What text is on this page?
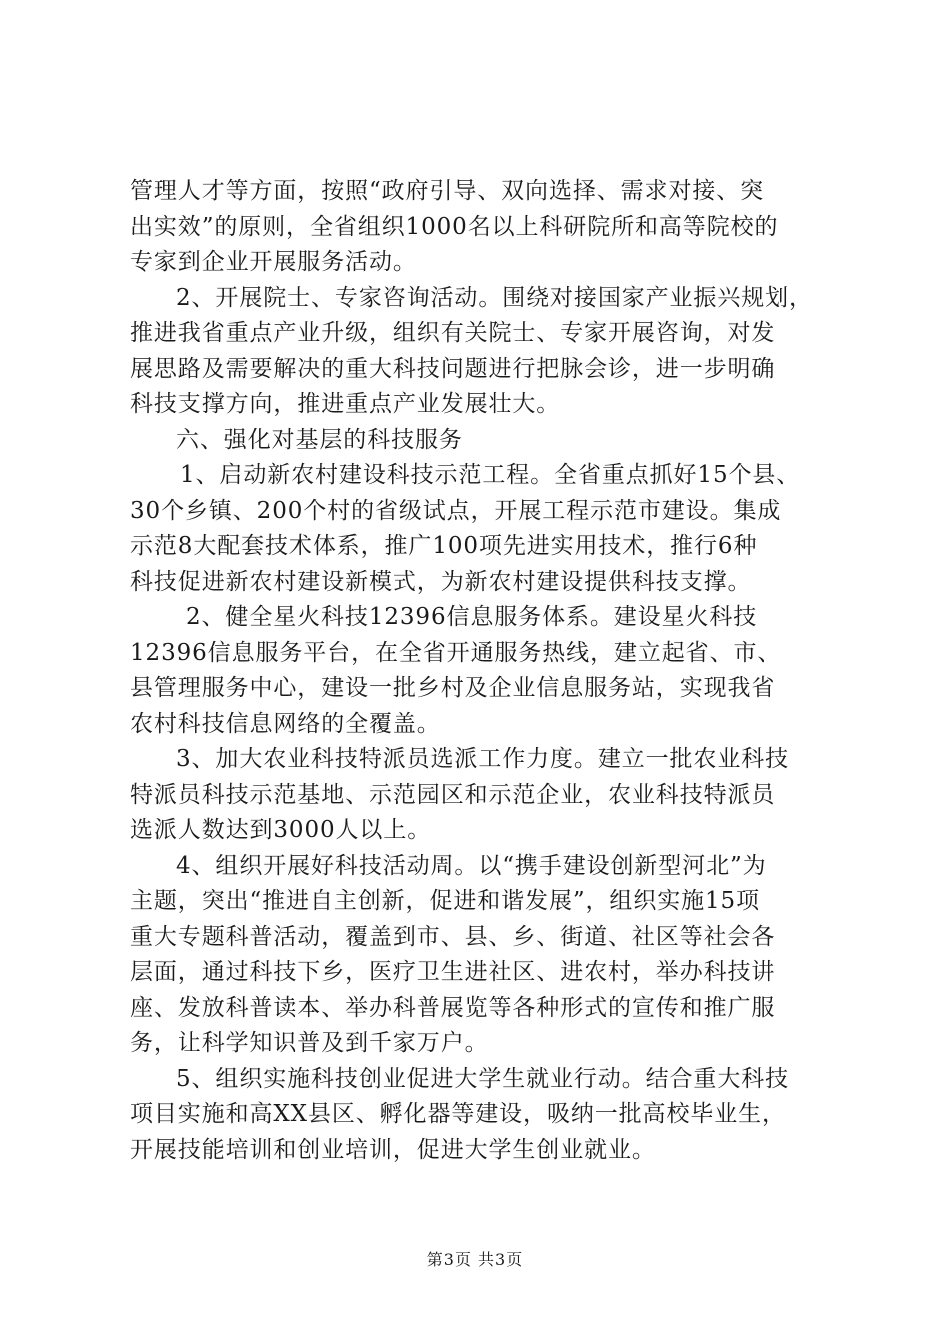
管理人才等方面，按照“政府引导、双向选择、需求对接、突
出实效”的原则，全省组织1000名以上科研院所和高等院校的
专家到企业开展服务活动。
2、开展院士、专家咨询活动。围绕对接国家产业振兴规划，
推进我省重点产业升级，组织有关院士、专家开展咨询，对发
展思路及需要解决的重大科技问题进行把脉会诊，进一步明确
科技支撑方向，推进重点产业发展壮大。
六、强化对基层的科技服务
1、启动新农村建设科技示范工程。全省重点抓好15个县、
30个乡镇、200个村的省级试点，开展工程示范市建设。集成
示范8大配套技术体系，推广100项先进实用技术，推行6种
科技促进新农村建设新模式，为新农村建设提供科技支撑。
2、健全星火科技12396信息服务体系。建设星火科技
12396信息服务平台，在全省开通服务热线，建立起省、市、
县管理服务中心，建设一批乡村及企业信息服务站，实现我省
农村科技信息网络的全覆盖。
3、加大农业科技特派员选派工作力度。建立一批农业科技
特派员科技示范基地、示范园区和示范企业，农业科技特派员
选派人数达到3000人以上。
4、组织开展好科技活动周。以“携手建设创新型河北”为
主题，突出“推进自主创新，促进和谐发展”，组织实施15项
重大专题科普活动，覆盖到市、县、乡、街道、社区等社会各
层面，通过科技下乡，医疗卫生进社区、进农村，举办科技讲
座、发放科普读本、举办科普展览等各种形式的宣传和推广服
务，让科学知识普及到千家万户。
5、组织实施科技创业促进大学生就业行动。结合重大科技
项目实施和高XX县区、孵化器等建设，吸纳一批高校毕业生，
开展技能培训和创业培训，促进大学生创业就业。
第3页 共3页
